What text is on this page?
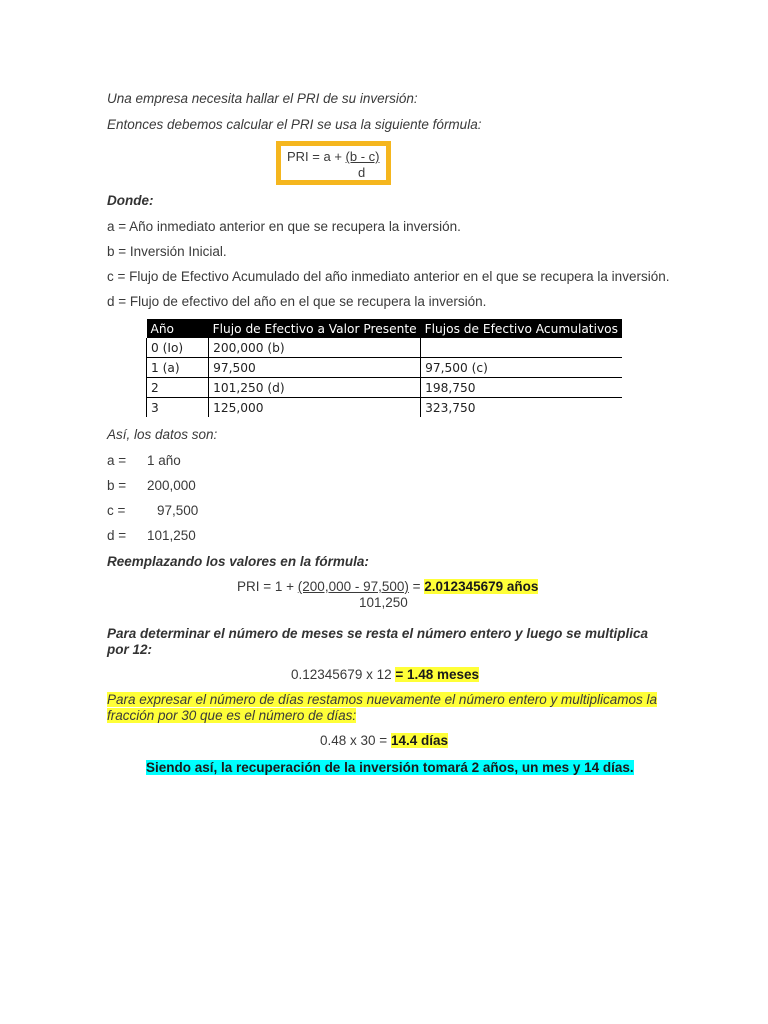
Una empresa necesita hallar el PRI de su inversión:
Entonces debemos calcular el PRI se usa la siguiente fórmula:
PRI = a + (b - c)
d
Donde:
a = Año inmediato anterior en que se recupera la inversión.
b = Inversión Inicial.
c = Flujo de Efectivo Acumulado del año inmediato anterior en el que se recupera la inversión.
d = Flujo de efectivo del año en el que se recupera la inversión.
Año	Flujo de Efectivo a Valor Presente	Flujos de Efectivo Acumulativos
0 (Io)	200,000 (b)	
1 (a)	97,500	97,500 (c)
2	101,250 (d)	198,750
3	125,000	323,750
Así, los datos son:
a = 1 año
b = 200,000
c = 97,500
d = 101,250
Reemplazando los valores en la fórmula:
PRI = 1 + (200,000 - 97,500) = 2.012345679 años
101,250
Para determinar el número de meses se resta el número entero y luego se multiplica por 12:
0.12345679 x 12 = 1.48 meses
Para expresar el número de días restamos nuevamente el número entero y multiplicamos la fracción por 30 que es el número de días:
0.48 x 30 = 14.4 días
Siendo así, la recuperación de la inversión tomará 2 años, un mes y 14 días.
